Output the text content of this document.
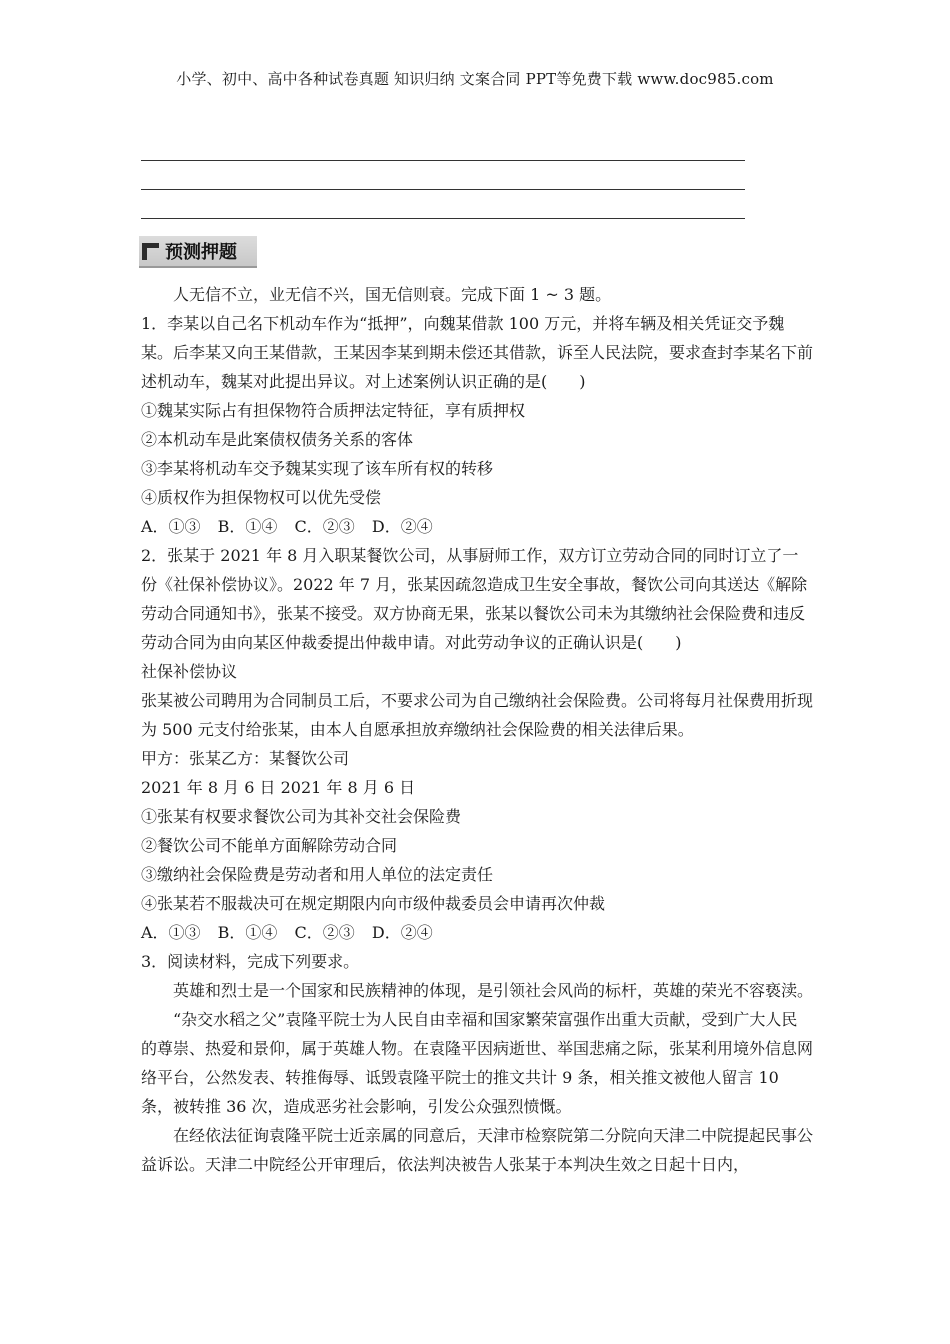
小学、初中、高中各种试卷真题 知识归纳 文案合同 PPT等免费下载 www.doc985.com
预测押题

人无信不立，业无信不兴，国无信则衰。完成下面 1 ~ 3 题。

1．李某以自己名下机动车作为“抵押”，向魏某借款 100 万元，并将车辆及相关凭证交予魏某。后李某又向王某借款，王某因李某到期未偿还其借款，诉至人民法院，要求查封李某名下前述机动车，魏某对此提出异议。对上述案例认识正确的是(　　)

①魏某实际占有担保物符合质押法定特征，享有质押权

②本机动车是此案债权债务关系的客体

③李某将机动车交予魏某实现了该车所有权的转移

④质权作为担保物权可以优先受偿

A．①③ B．①④ C．②③ D．②④

2．张某于 2021 年 8 月入职某餐饮公司，从事厨师工作，双方订立劳动合同的同时订立了一份《社保补偿协议》。2022 年 7 月，张某因疏忽造成卫生安全事故，餐饮公司向其送达《解除劳动合同通知书》，张某不接受。双方协商无果，张某以餐饮公司未为其缴纳社会保险费和违反劳动合同为由向某区仲裁委提出仲裁申请。对此劳动争议的正确认识是(　　)

社保补偿协议

张某被公司聘用为合同制员工后，不要求公司为自己缴纳社会保险费。公司将每月社保费用折现为 500 元支付给张某，由本人自愿承担放弃缴纳社会保险费的相关法律后果。

甲方：张某乙方：某餐饮公司

2021 年 8 月 6 日 2021 年 8 月 6 日

①张某有权要求餐饮公司为其补交社会保险费

②餐饮公司不能单方面解除劳动合同

③缴纳社会保险费是劳动者和用人单位的法定责任

④张某若不服裁决可在规定期限内向市级仲裁委员会申请再次仲裁

A．①③ B．①④ C．②③ D．②④

3．阅读材料，完成下列要求。

英雄和烈士是一个国家和民族精神的体现，是引领社会风尚的标杆，英雄的荣光不容亵渎。

“杂交水稻之父”袁隆平院士为人民自由幸福和国家繁荣富强作出重大贡献，受到广大人民的尊崇、热爱和景仰，属于英雄人物。在袁隆平因病逝世、举国悲痛之际，张某利用境外信息网络平台，公然发表、转推侮辱、诋毁袁隆平院士的推文共计 9 条，相关推文被他人留言 10 条，被转推 36 次，造成恶劣社会影响，引发公众强烈愤慨。

在经依法征询袁隆平院士近亲属的同意后，天津市检察院第二分院向天津二中院提起民事公益诉讼。天津二中院经公开审理后，依法判决被告人张某于本判决生效之日起十日内，
